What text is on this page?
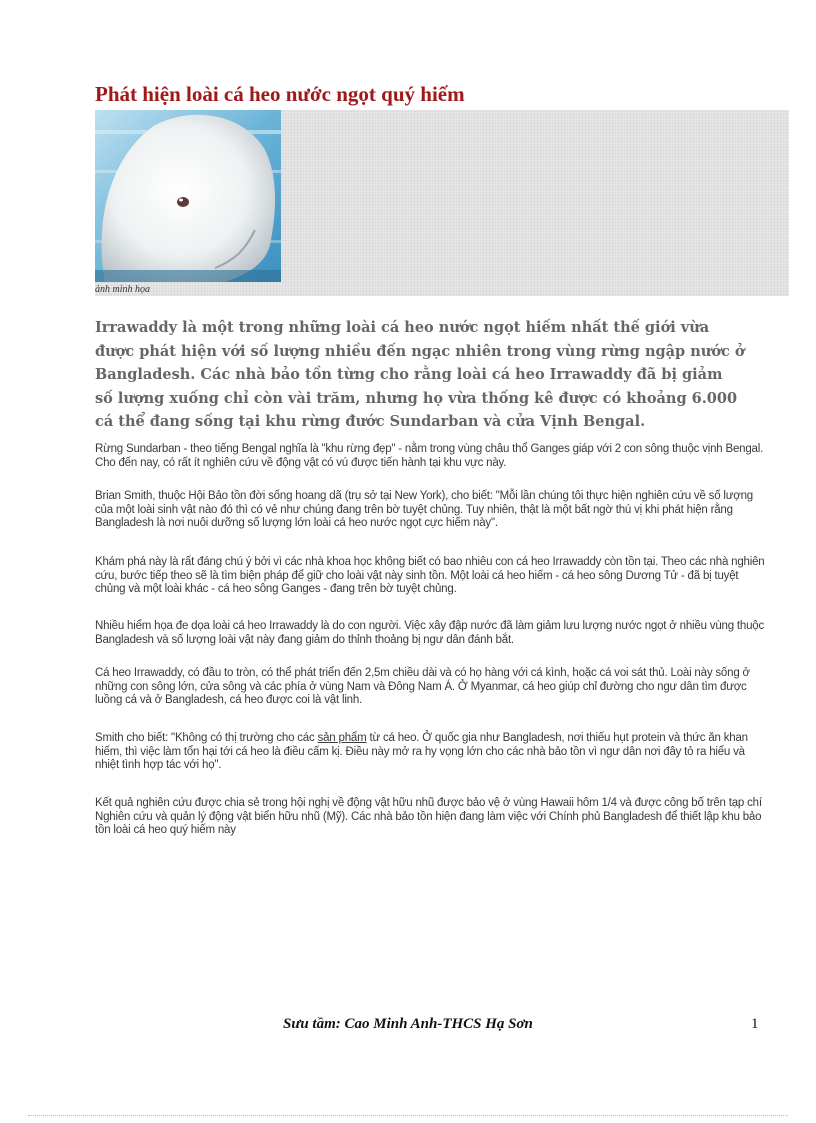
Phát hiện loài cá heo nước ngọt quý hiếm
ảnh minh họa

Irrawaddy là một trong những loài cá heo nước ngọt hiếm nhất thế giới vừa được phát hiện với số lượng nhiều đến ngạc nhiên trong vùng rừng ngập nước ở Bangladesh. Các nhà bảo tồn từng cho rằng loài cá heo Irrawaddy đã bị giảm số lượng xuống chỉ còn vài trăm, nhưng họ vừa thống kê được có khoảng 6.000 cá thể đang sống tại khu rừng đước Sundarban và cửa Vịnh Bengal.

Rừng Sundarban - theo tiếng Bengal nghĩa là "khu rừng đẹp" - nằm trong vùng châu thổ Ganges giáp với 2 con sông thuộc vịnh Bengal. Cho đến nay, có rất ít nghiên cứu về động vật có vú được tiến hành tại khu vực này.

Brian Smith, thuộc Hội Bảo tồn đời sống hoang dã (trụ sở tại New York), cho biết: "Mỗi lần chúng tôi thực hiện nghiên cứu về số lượng của một loài sinh vật nào đó thì có vẻ như chúng đang trên bờ tuyệt chủng. Tuy nhiên, thật là một bất ngờ thú vị khi phát hiện rằng Bangladesh là nơi nuôi dưỡng số lượng lớn loài cá heo nước ngọt cực hiếm này".

Khám phá này là rất đáng chú ý bởi vì các nhà khoa học không biết có bao nhiêu con cá heo Irrawaddy còn tồn tại. Theo các nhà nghiên cứu, bước tiếp theo sẽ là tìm biện pháp để giữ cho loài vật này sinh tồn. Một loài cá heo hiếm - cá heo sông Dương Tử - đã bị tuyệt chủng và một loài khác - cá heo sông Ganges - đang trên bờ tuyệt chủng.

Nhiều hiểm họa đe dọa loài cá heo Irrawaddy là do con người. Việc xây đập nước đã làm giảm lưu lượng nước ngọt ở nhiều vùng thuộc Bangladesh và số lượng loài vật này đang giảm do thỉnh thoảng bị ngư dân đánh bắt.

Cá heo Irrawaddy, có đầu to tròn, có thể phát triển đến 2,5m chiều dài và có họ hàng với cá kình, hoặc cá voi sát thủ. Loài này sống ở những con sông lớn, cửa sông và các phía ở vùng Nam và Đông Nam Á. Ở Myanmar, cá heo giúp chỉ đường cho ngư dân tìm được luồng cá và ở Bangladesh, cá heo được coi là vật linh.

Smith cho biết: "Không có thị trường cho các sản phẩm từ cá heo. Ở quốc gia như Bangladesh, nơi thiếu hụt protein và thức ăn khan hiếm, thì việc làm tổn hại tới cá heo là điều cấm kị. Điều này mở ra hy vọng lớn cho các nhà bảo tồn vì ngư dân nơi đây tỏ ra hiểu và nhiệt tình hợp tác với họ".

Kết quả nghiên cứu được chia sẻ trong hội nghị về động vật hữu nhũ được bảo vệ ở vùng Hawaii hôm 1/4 và được công bố trên tạp chí Nghiên cứu và quản lý động vật biển hữu nhũ (Mỹ). Các nhà bảo tồn hiện đang làm việc với Chính phủ Bangladesh để thiết lập khu bảo tồn loài cá heo quý hiếm này

Sưu tầm: Cao Minh Anh-THCS Hạ Sơn	1
